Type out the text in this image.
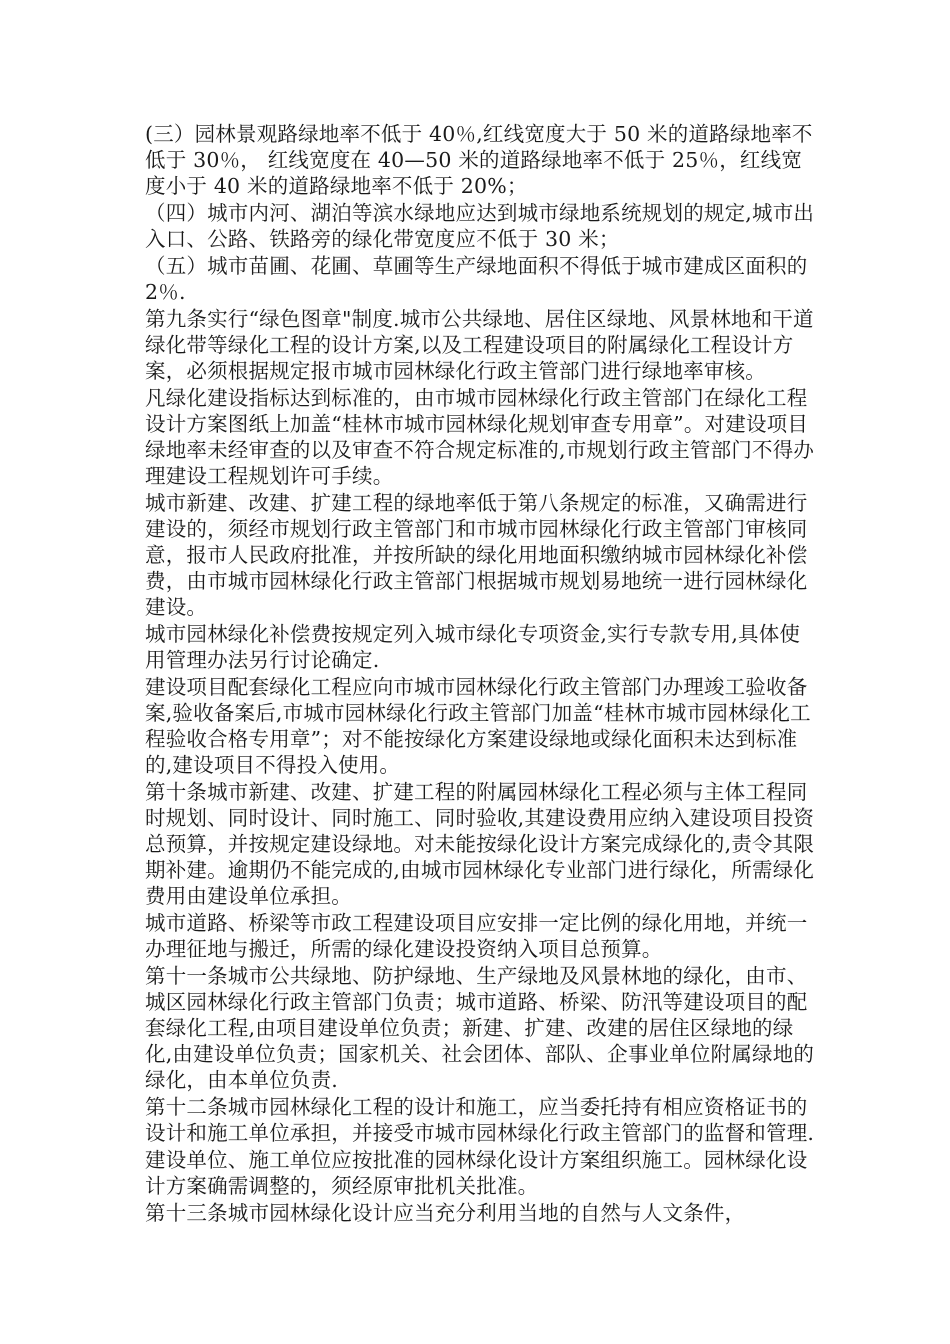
(三）园林景观路绿地率不低于 40％,红线宽度大于 50 米的道路绿地率不低于 30％， 红线宽度在 40—50 米的道路绿地率不低于 25％，红线宽度小于 40 米的道路绿地率不低于 20%；

（四）城市内河、湖泊等滨水绿地应达到城市绿地系统规划的规定,城市出入口、公路、铁路旁的绿化带宽度应不低于 30 米；

（五）城市苗圃、花圃、草圃等生产绿地面积不得低于城市建成区面积的 2％.

第九条实行“绿色图章"制度.城市公共绿地、居住区绿地、风景林地和干道绿化带等绿化工程的设计方案,以及工程建设项目的附属绿化工程设计方案，必须根据规定报市城市园林绿化行政主管部门进行绿地率审核。

凡绿化建设指标达到标准的，由市城市园林绿化行政主管部门在绿化工程设计方案图纸上加盖“桂林市城市园林绿化规划审查专用章”。对建设项目绿地率未经审查的以及审查不符合规定标准的,市规划行政主管部门不得办理建设工程规划许可手续。

城市新建、改建、扩建工程的绿地率低于第八条规定的标准，又确需进行建设的，须经市规划行政主管部门和市城市园林绿化行政主管部门审核同意，报市人民政府批准，并按所缺的绿化用地面积缴纳城市园林绿化补偿费，由市城市园林绿化行政主管部门根据城市规划易地统一进行园林绿化建设。

城市园林绿化补偿费按规定列入城市绿化专项资金,实行专款专用,具体使用管理办法另行讨论确定.

建设项目配套绿化工程应向市城市园林绿化行政主管部门办理竣工验收备案,验收备案后,市城市园林绿化行政主管部门加盖“桂林市城市园林绿化工程验收合格专用章”；对不能按绿化方案建设绿地或绿化面积未达到标准的,建设项目不得投入使用。

第十条城市新建、改建、扩建工程的附属园林绿化工程必须与主体工程同时规划、同时设计、同时施工、同时验收,其建设费用应纳入建设项目投资总预算，并按规定建设绿地。对未能按绿化设计方案完成绿化的,责令其限期补建。逾期仍不能完成的,由城市园林绿化专业部门进行绿化，所需绿化费用由建设单位承担。

城市道路、桥梁等市政工程建设项目应安排一定比例的绿化用地，并统一办理征地与搬迁，所需的绿化建设投资纳入项目总预算。

第十一条城市公共绿地、防护绿地、生产绿地及风景林地的绿化，由市、城区园林绿化行政主管部门负责；城市道路、桥梁、防汛等建设项目的配套绿化工程,由项目建设单位负责；新建、扩建、改建的居住区绿地的绿化,由建设单位负责；国家机关、社会团体、部队、企事业单位附属绿地的绿化，由本单位负责.

第十二条城市园林绿化工程的设计和施工，应当委托持有相应资格证书的设计和施工单位承担，并接受市城市园林绿化行政主管部门的监督和管理.

建设单位、施工单位应按批准的园林绿化设计方案组织施工。园林绿化设计方案确需调整的，须经原审批机关批准。

第十三条城市园林绿化设计应当充分利用当地的自然与人文条件，
